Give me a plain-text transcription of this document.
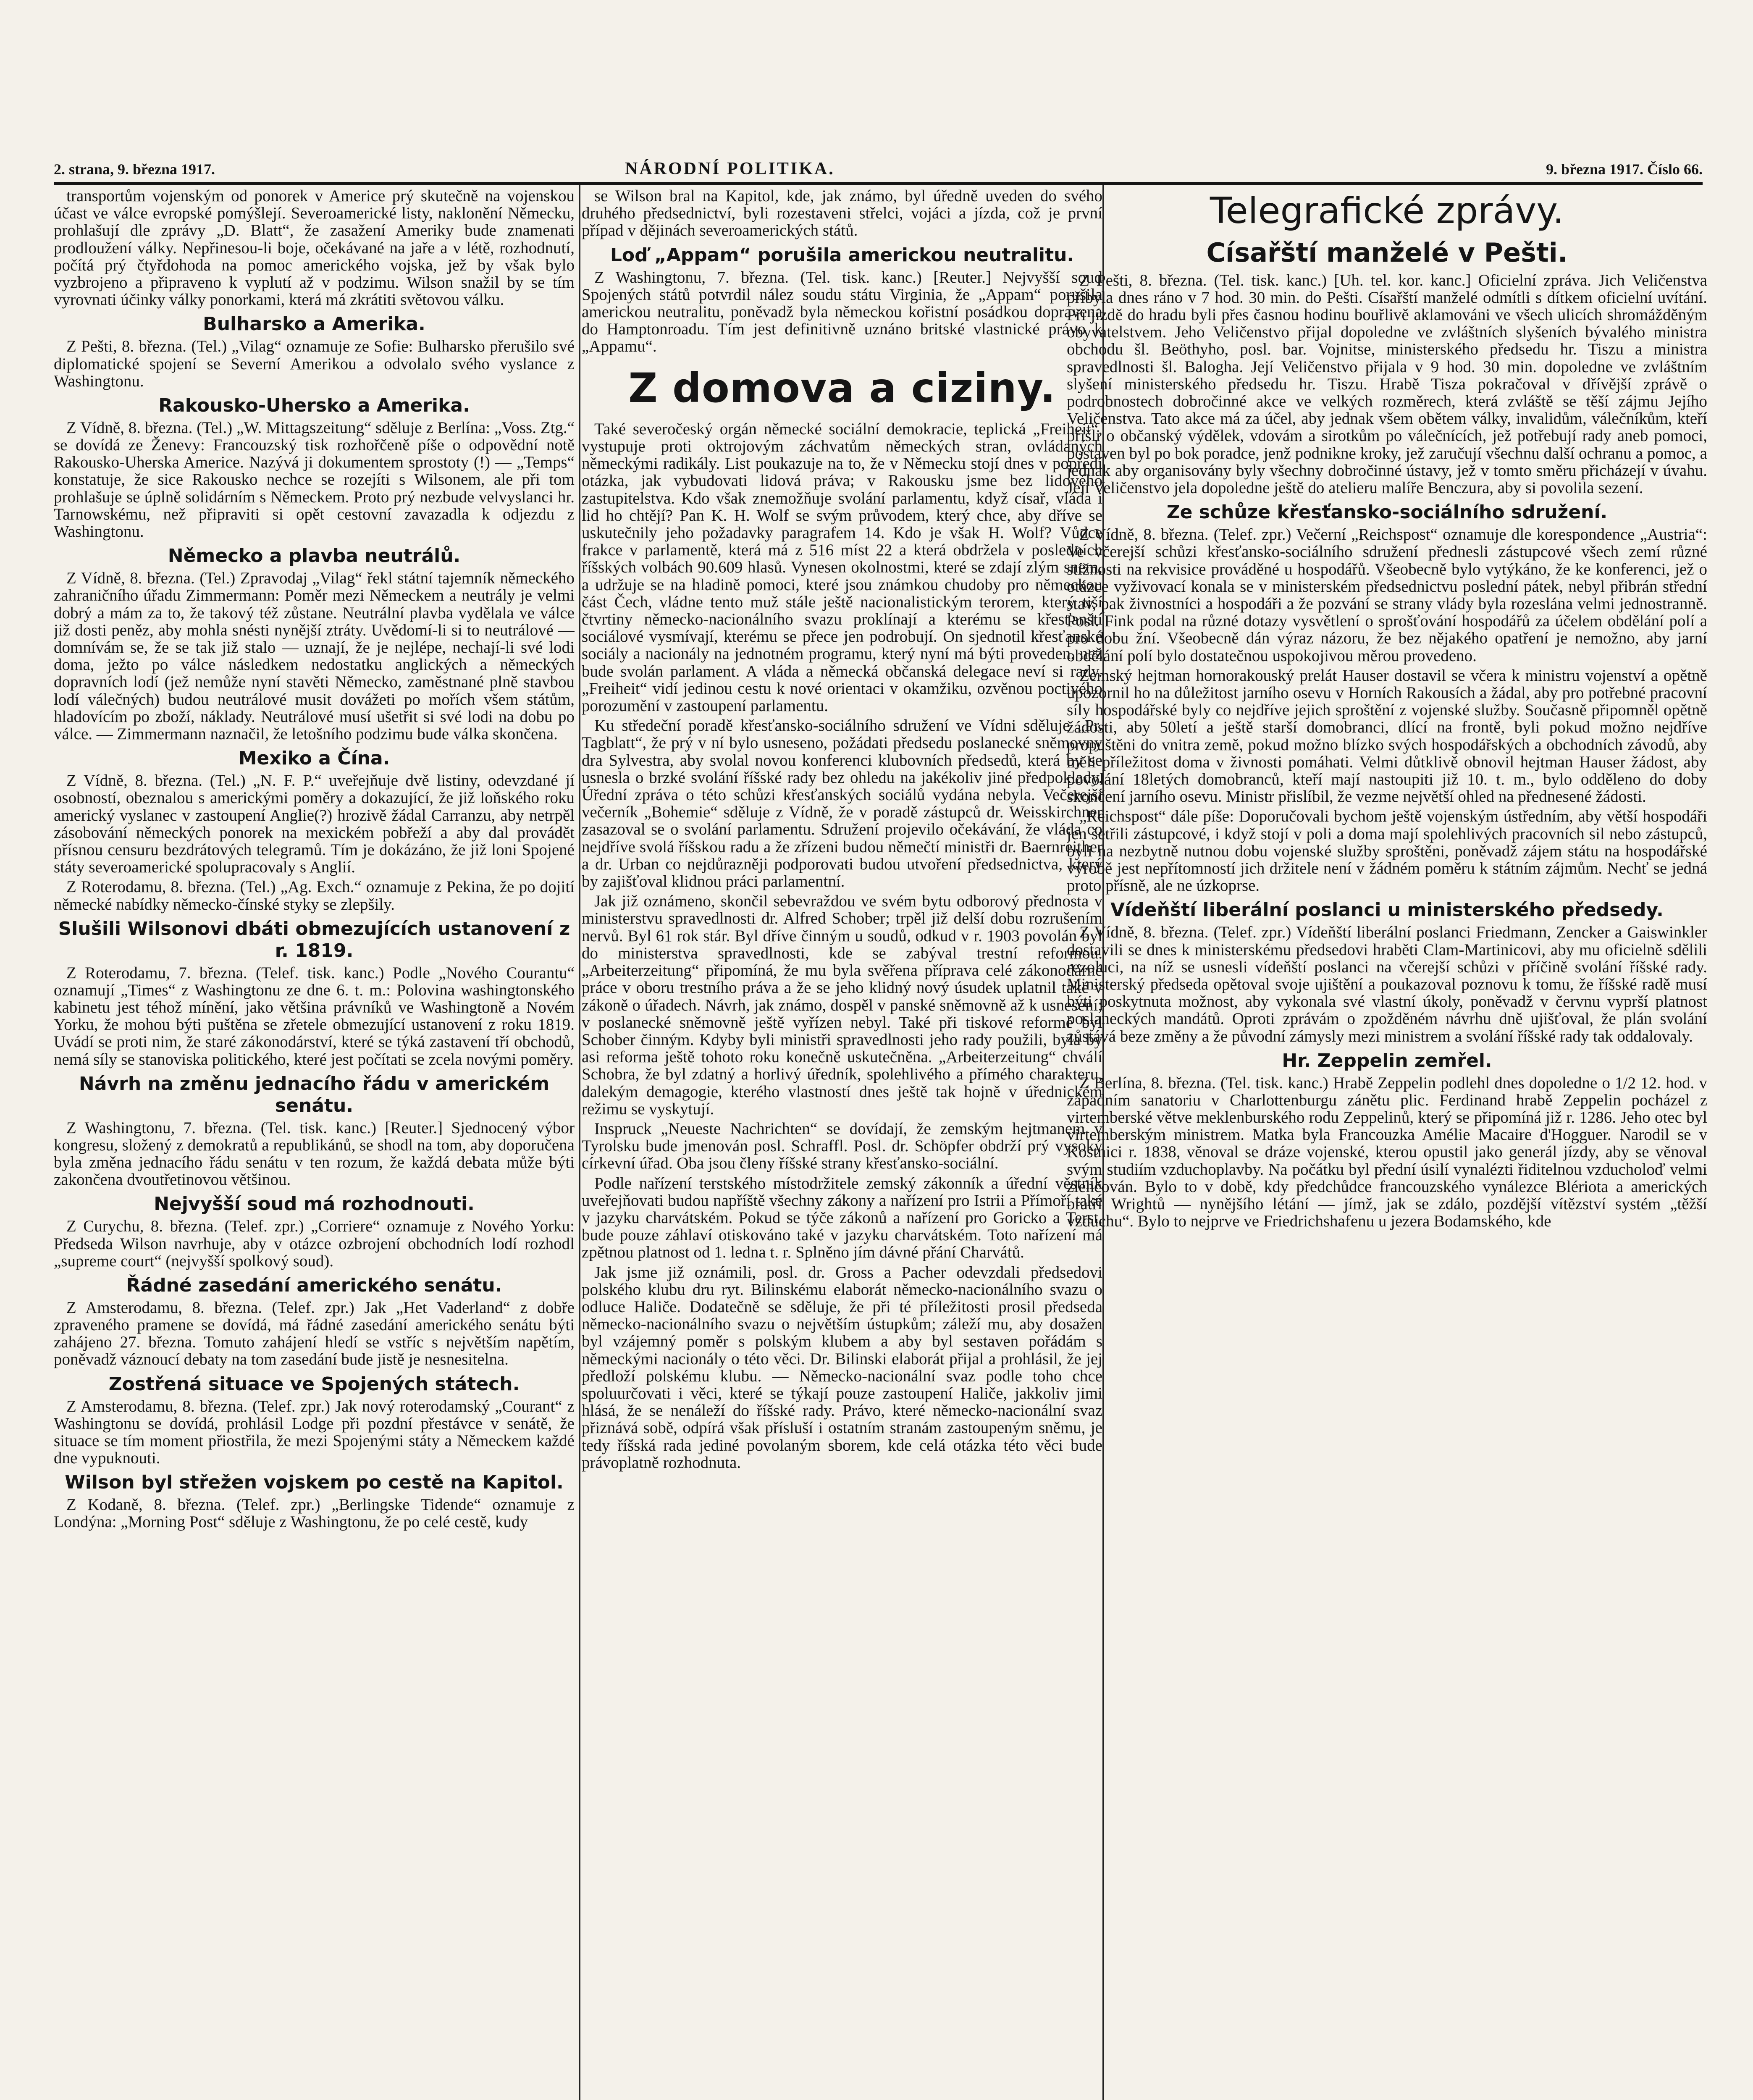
2. strana, 9. března 1917.	NÁRODNÍ POLITIKA.	9. března 1917. Číslo 66.

transportům vojenským od ponorek v Americe prý skutečně na vojenskou účast ve válce evropské pomýšlejí. Severoamerické listy, naklonění Německu, prohlašují dle zprávy „D. Blatt“, že zasažení Ameriky bude znamenati prodloužení války. Nepřinesou-li boje, očekávané na jaře a v létě, rozhodnutí, počítá prý čtyřdohoda na pomoc amerického vojska, jež by však bylo vyzbrojeno a připraveno k vyplutí až v podzimu. Wilson snažil by se tím vyrovnati účinky války ponorkami, která má zkrátiti světovou válku.

Bulharsko a Amerika.

Z Pešti, 8. března. (Tel.) „Vilag“ oznamuje ze Sofie: Bulharsko přerušilo své diplomatické spojení se Severní Amerikou a odvolalo svého vyslance z Washingtonu.

Rakousko-Uhersko a Amerika.

Z Vídně, 8. března. (Tel.) „W. Mittagszeitung“ sděluje z Berlína: „Voss. Ztg.“ se dovídá ze Ženevy: Francouzský tisk rozhořčeně píše o odpovědní notě Rakousko-Uherska Americe. Nazývá ji dokumentem sprostoty (!) — „Temps“ konstatuje, že sice Rakousko nechce se rozejíti s Wilsonem, ale při tom prohlašuje se úplně solidárním s Německem. Proto prý nezbude velvyslanci hr. Tarnowskému, než připraviti si opět cestovní zavazadla k odjezdu z Washingtonu.

Německo a plavba neutrálů.

Z Vídně, 8. března. (Tel.) Zpravodaj „Vilag“ řekl státní tajemník německého zahraničního úřadu Zimmermann: Poměr mezi Německem a neutrály je velmi dobrý a mám za to, že takový též zůstane. Neutrální plavba vydělala ve válce již dosti peněz, aby mohla snésti nynější ztráty. Uvědomí-li si to neutrálové — domnívám se, že se tak již stalo — uznají, že je nejlépe, nechají-li své lodi doma, ježto po válce následkem nedostatku anglických a německých dopravních lodí (jež nemůže nyní stavěti Německo, zaměstnané plně stavbou lodí válečných) budou neutrálové musit dovážeti po mořích všem státům, hladovícím po zboží, náklady. Neutrálové musí ušetřit si své lodi na dobu po válce. — Zimmermann naznačil, že letošního podzimu bude válka skončena.

Mexiko a Čína.

Z Vídně, 8. března. (Tel.) „N. F. P.“ uveřejňuje dvě listiny, odevzdané jí osobností, obeznalou s americkými poměry a dokazující, že již loňského roku americký vyslanec v zastoupení Anglie(?) hrozivě žádal Carranzu, aby netrpěl zásobování německých ponorek na mexickém pobřeží a aby dal provádět přísnou censuru bezdrátových telegramů. Tím je dokázáno, že již loni Spojené státy severoamerické spolupracovaly s Anglií.

Z Roterodamu, 8. března. (Tel.) „Ag. Exch.“ oznamuje z Pekina, že po dojití německé nabídky německo-čínské styky se zlepšily.

Slušili Wilsonovi dbáti obmezujících ustanovení z r. 1819.

Z Roterodamu, 7. března. (Telef. tisk. kanc.) Podle „Nového Courantu“ oznamují „Times“ z Washingtonu ze dne 6. t. m.: Polovina washingtonského kabinetu jest téhož mínění, jako většina právníků ve Washingtoně a Novém Yorku, že mohou býti puštěna se zřetele obmezující ustanovení z roku 1819. Uvádí se proti nim, že staré zákonodárství, které se týká zastavení tří obchodů, nemá síly se stanoviska politického, které jest počítati se zcela novými poměry.

Návrh na změnu jednacího řádu v americkém senátu.

Z Washingtonu, 7. března. (Tel. tisk. kanc.) [Reuter.] Sjednocený výbor kongresu, složený z demokratů a republikánů, se shodl na tom, aby doporučena byla změna jednacího řádu senátu v ten rozum, že každá debata může býti zakončena dvoutřetinovou většinou.

Nejvyšší soud má rozhodnouti.

Z Curychu, 8. března. (Telef. zpr.) „Corriere“ oznamuje z Nového Yorku: Předseda Wilson navrhuje, aby v otázce ozbrojení obchodních lodí rozhodl „supreme court“ (nejvyšší spolkový soud).

Řádné zasedání amerického senátu.

Z Amsterodamu, 8. března. (Telef. zpr.) Jak „Het Vaderland“ z dobře zpraveného pramene se dovídá, má řádné zasedání amerického senátu býti zahájeno 27. března. Tomuto zahájení hledí se vstříc s největším napětím, poněvadž váznoucí debaty na tom zasedání bude jistě je nesnesitelna.

Zostřená situace ve Spojených státech.

Z Amsterodamu, 8. března. (Telef. zpr.) Jak nový roterodamský „Courant“ z Washingtonu se dovídá, prohlásil Lodge při pozdní přestávce v senátě, že situace se tím moment přiostřila, že mezi Spojenými státy a Německem každé dne vypuknouti.

Wilson byl střežen vojskem po cestě na Kapitol.

Z Kodaně, 8. března. (Telef. zpr.) „Berlingske Tidende“ oznamuje z Londýna: „Morning Post“ sděluje z Washingtonu, že po celé cestě, kudy

se Wilson bral na Kapitol, kde, jak známo, byl úředně uveden do svého druhého předsednictví, byli rozestaveni střelci, vojáci a jízda, což je první případ v dějinách severoamerických států.

Loď „Appam“ porušila americkou neutralitu.

Z Washingtonu, 7. března. (Tel. tisk. kanc.) [Reuter.] Nejvyšší soud Spojených států potvrdil nález soudu státu Virginia, že „Appam“ porušila americkou neutralitu, poněvadž byla německou kořistní posádkou dopravena do Hamptonroadu. Tím jest definitivně uznáno britské vlastnické právo k „Appamu“.

Z domova a ciziny.

Také severočeský orgán německé sociální demokracie, teplická „Freiheit“, vystupuje proti oktrojovým záchvatům německých stran, ovládaných německými radikály. List poukazuje na to, že v Německu stojí dnes v popředí otázka, jak vybudovati lidová práva; v Rakousku jsme bez lidového zastupitelstva. Kdo však znemožňuje svolání parlamentu, když císař, vláda i lid ho chtějí? Pan K. H. Wolf se svým průvodem, který chce, aby dříve se uskutečnily jeho požadavky paragrafem 14. Kdo je však H. Wolf? Vůdce frakce v parlamentě, která má z 516 míst 22 a která obdržela v posledních říšských volbách 90.609 hlasů. Vynesen okolnostmi, které se zdají zlým snem, a udržuje se na hladině pomoci, které jsou známkou chudoby pro německou část Čech, vládne tento muž stále ještě nacionalistickým terorem, který tiší čtvrtiny německo-nacionálního svazu proklínají a kterému se křesťanští sociálové vysmívají, kterému se přece jen podrobují. On sjednotil křesťanské sociály a nacionály na jednotném programu, který nyní má býti proveden, než bude svolán parlament. A vláda a německá občanská delegace neví si rady. „Freiheit“ vidí jedinou cestu k nové orientaci v okamžiku, ozvěnou poctivého porozumění v zastoupení parlamentu.

Ku středeční poradě křesťansko-sociálního sdružení ve Vídni sděluje „Pr. Tagblatt“, že prý v ní bylo usneseno, požádati předsedu poslanecké sněmovny dra Sylvestra, aby svolal novou konferenci klubovních předsedů, která by se usnesla o brzké svolání říšské rady bez ohledu na jakékoliv jiné předpoklady. Úřední zpráva o této schůzi křesťanských sociálů vydána nebyla. Večerejší večerník „Bohemie“ sděluje z Vídně, že v poradě zástupců dr. Weisskirchner zasazoval se o svolání parlamentu. Sdružení projevilo očekávání, že vláda co nejdříve svolá říšskou radu a že zřízeni budou němečtí ministři dr. Baernreither a dr. Urban co nejdůrazněji podporovati budou utvoření předsednictva, který by zajišťoval klidnou práci parlamentní.

Jak již oznámeno, skončil sebevraždou ve svém bytu odborový přednosta v ministerstvu spravedlnosti dr. Alfred Schober; trpěl již delší dobu rozrušením nervů. Byl 61 rok stár. Byl dříve činným u soudů, odkud v r. 1903 povolán byl do ministerstva spravedlnosti, kde se zabýval trestní reformou. „Arbeiterzeitung“ připomíná, že mu byla svěřena příprava celé zákonodárné práce v oboru trestního práva a že se jeho klidný nový úsudek uplatnil také v zákoně o úřadech. Návrh, jak známo, dospěl v panské sněmovně až k usnesení; v poslanecké sněmovně ještě vyřízen nebyl. Také při tiskové reformě byl Schober činným. Kdyby byli ministři spravedlnosti jeho rady použili, byla by asi reforma ještě tohoto roku konečně uskutečněna. „Arbeiterzeitung“ chválí Schobra, že byl zdatný a horlivý úředník, spolehlivého a přímého charakteru, dalekým demagogie, kterého vlastností dnes ještě tak hojně v úřednickém režimu se vyskytují.

Inspruck „Neueste Nachrichten“ se dovídají, že zemským hejtmanem v Tyrolsku bude jmenován posl. Schraffl. Posl. dr. Schöpfer obdrží prý vysoký církevní úřad. Oba jsou členy říšské strany křesťansko-sociální.

Podle nařízení terstského místodržitele zemský zákonník a úřední věstník uveřejňovati budou napříště všechny zákony a nařízení pro Istrii a Přímoří také v jazyku charvátském. Pokud se týče zákonů a nařízení pro Goricko a Terst, bude pouze záhlaví otiskováno také v jazyku charvátském. Toto nařízení má zpětnou platnost od 1. ledna t. r. Splněno jím dávné přání Charvátů.

Jak jsme již oznámili, posl. dr. Gross a Pacher odevzdali předsedovi polského klubu dru ryt. Bilinskému elaborát německo-nacionálního svazu o odluce Haliče. Dodatečně se sděluje, že při té příležitosti prosil předseda německo-nacionálního svazu o největším ústupkům; záleží mu, aby dosažen byl vzájemný poměr s polským klubem a aby byl sestaven pořádám s německými nacionály o této věci. Dr. Bilinski elaborát přijal a prohlásil, že jej předloží polskému klubu. — Německo-nacionální svaz podle toho chce spoluurčovati i věci, které se týkají pouze zastoupení Haliče, jakkoliv jimi hlásá, že se nenáleží do říšské rady. Právo, které německo-nacionální svaz přiznává sobě, odpírá však přísluší i ostatním stranám zastoupeným sněmu, je tedy říšská rada jediné povolaným sborem, kde celá otázka této věci bude právoplatně rozhodnuta.

Telegrafické zprávy.
Císařští manželé v Pešti.

Z Pešti, 8. března. (Tel. tisk. kanc.) [Uh. tel. kor. kanc.] Oficielní zpráva. Jich Veličenstva přibyla dnes ráno v 7 hod. 30 min. do Pešti. Císařští manželé odmítli s dítkem oficielní uvítání. Při jízdě do hradu byli přes časnou hodinu bouřlivě aklamováni ve všech ulicích shromážděným obyvatelstvem. Jeho Veličenstvo přijal dopoledne ve zvláštních slyšeních bývalého ministra obchodu šl. Beöthyho, posl. bar. Vojnitse, ministerského předsedu hr. Tiszu a ministra spravedlnosti šl. Balogha. Její Veličenstvo přijala v 9 hod. 30 min. dopoledne ve zvláštním slyšení ministerského předsedu hr. Tiszu. Hrabě Tisza pokračoval v dřívější zprávě o podrobnostech dobročinné akce ve velkých rozměrech, která zvláště se těší zájmu Jejího Veličenstva. Tato akce má za účel, aby jednak všem obětem války, invalidům, válečníkům, kteří přišli o občanský výdělek, vdovám a sirotkům po válečnících, jež potřebují rady aneb pomoci, postaven byl po bok poradce, jenž podnikne kroky, jež zaručují všechnu další ochranu a pomoc, a jednak aby organisovány byly všechny dobročinné ústavy, jež v tomto směru přicházejí v úvahu. Její Veličenstvo jela dopoledne ještě do atelieru malíře Benczura, aby si povolila sezení.

Ze schůze křesťansko-sociálního sdružení.

Z Vídně, 8. března. (Telef. zpr.) Večerní „Reichspost“ oznamuje dle korespondence „Austria“: Ve včerejší schůzi křesťansko-sociálního sdružení přednesli zástupcové všech zemí různé stížnosti na rekvisice prováděné u hospodářů. Všeobecně bylo vytýkáno, že ke konferenci, jež o otázce vyživovací konala se v ministerském předsednictvu poslední pátek, nebyl přibrán střední stav, pak živnostníci a hospodáři a že pozvání se strany vlády byla rozeslána velmi jednostranně. Posl. Fink podal na různé dotazy vysvětlení o sprošťování hospodářů za účelem obdělání polí a pro dobu žní. Všeobecně dán výraz názoru, že bez nějakého opatření je nemožno, aby jarní obdělání polí bylo dostatečnou uspokojivou měrou provedeno.

Zemský hejtman hornorakouský prelát Hauser dostavil se včera k ministru vojenství a opětně upozornil ho na důležitost jarního osevu v Horních Rakousích a žádal, aby pro potřebné pracovní síly hospodářské byly co nejdříve jejich sproštění z vojenské služby. Současně připomněl opětně žádosti, aby 50letí a ještě starší domobranci, dlící na frontě, byli pokud možno nejdříve propuštěni do vnitra země, pokud možno blízko svých hospodářských a obchodních závodů, aby měli příležitost doma v živnosti pomáhati. Velmi důtklivě obnovil hejtman Hauser žádost, aby povolání 18letých domobranců, kteří mají nastoupiti již 10. t. m., bylo odděleno do doby skončení jarního osevu. Ministr přislíbil, že vezme největší ohled na přednesené žádosti.

„Reichspost“ dále píše: Doporučovali bychom ještě vojenským ústředním, aby větší hospodáři jen šetřili zástupcové, i když stojí v poli a doma mají spolehlivých pracovních sil nebo zástupců, byli na nezbytně nutnou dobu vojenské služby sproštěni, poněvadž zájem státu na hospodářské výrobě jest nepřítomností jich držitele není v žádném poměru k státním zájmům. Nechť se jedná proto přísně, ale ne úzkoprse.

Vídeňští liberální poslanci u ministerského předsedy.

Z Vídně, 8. března. (Telef. zpr.) Vídeňští liberální poslanci Friedmann, Zencker a Gaiswinkler dostavili se dnes k ministerskému předsedovi hraběti Clam-Martinicovi, aby mu oficielně sdělili rezoluci, na níž se usnesli vídeňští poslanci na včerejší schůzi v příčině svolání říšské rady. Ministerský předseda opětoval svoje ujištění a poukazoval poznovu k tomu, že říšské radě musí býti poskytnuta možnost, aby vykonala své vlastní úkoly, poněvadž v červnu vyprší platnost poslaneckých mandátů. Oproti zprávám o zpožděném návrhu dně ujišťoval, že plán svolání zůstává beze změny a že původní zámysly mezi ministrem a svolání říšské rady tak oddalovaly.

Hr. Zeppelin zemřel.

Z Berlína, 8. března. (Tel. tisk. kanc.) Hrabě Zeppelin podlehl dnes dopoledne o 1/2 12. hod. v západním sanatoriu v Charlottenburgu zánětu plic. Ferdinand hrabě Zeppelin pocházel z virtemberské větve meklenburského rodu Zeppelinů, který se připomíná již r. 1286. Jeho otec byl virtemberským ministrem. Matka byla Francouzka Amélie Macaire d'Hogguer. Narodil se v Kostnici r. 1838, věnoval se dráze vojenské, kterou opustil jako generál jízdy, aby se věnoval svým studiím vzduchoplavby. Na počátku byl přední úsilí vynalézti řiditelnou vzducholoď velmi zlehčován. Bylo to v době, kdy předchůdce francouzského vynálezce Blériota a amerických bratří Wrightů — nynějšího létání — jímž, jak se zdálo, pozdější vítězství systém „těžší vzduchu“. Bylo to nejprve ve Friedrichshafenu u jezera Bodamského, kde
